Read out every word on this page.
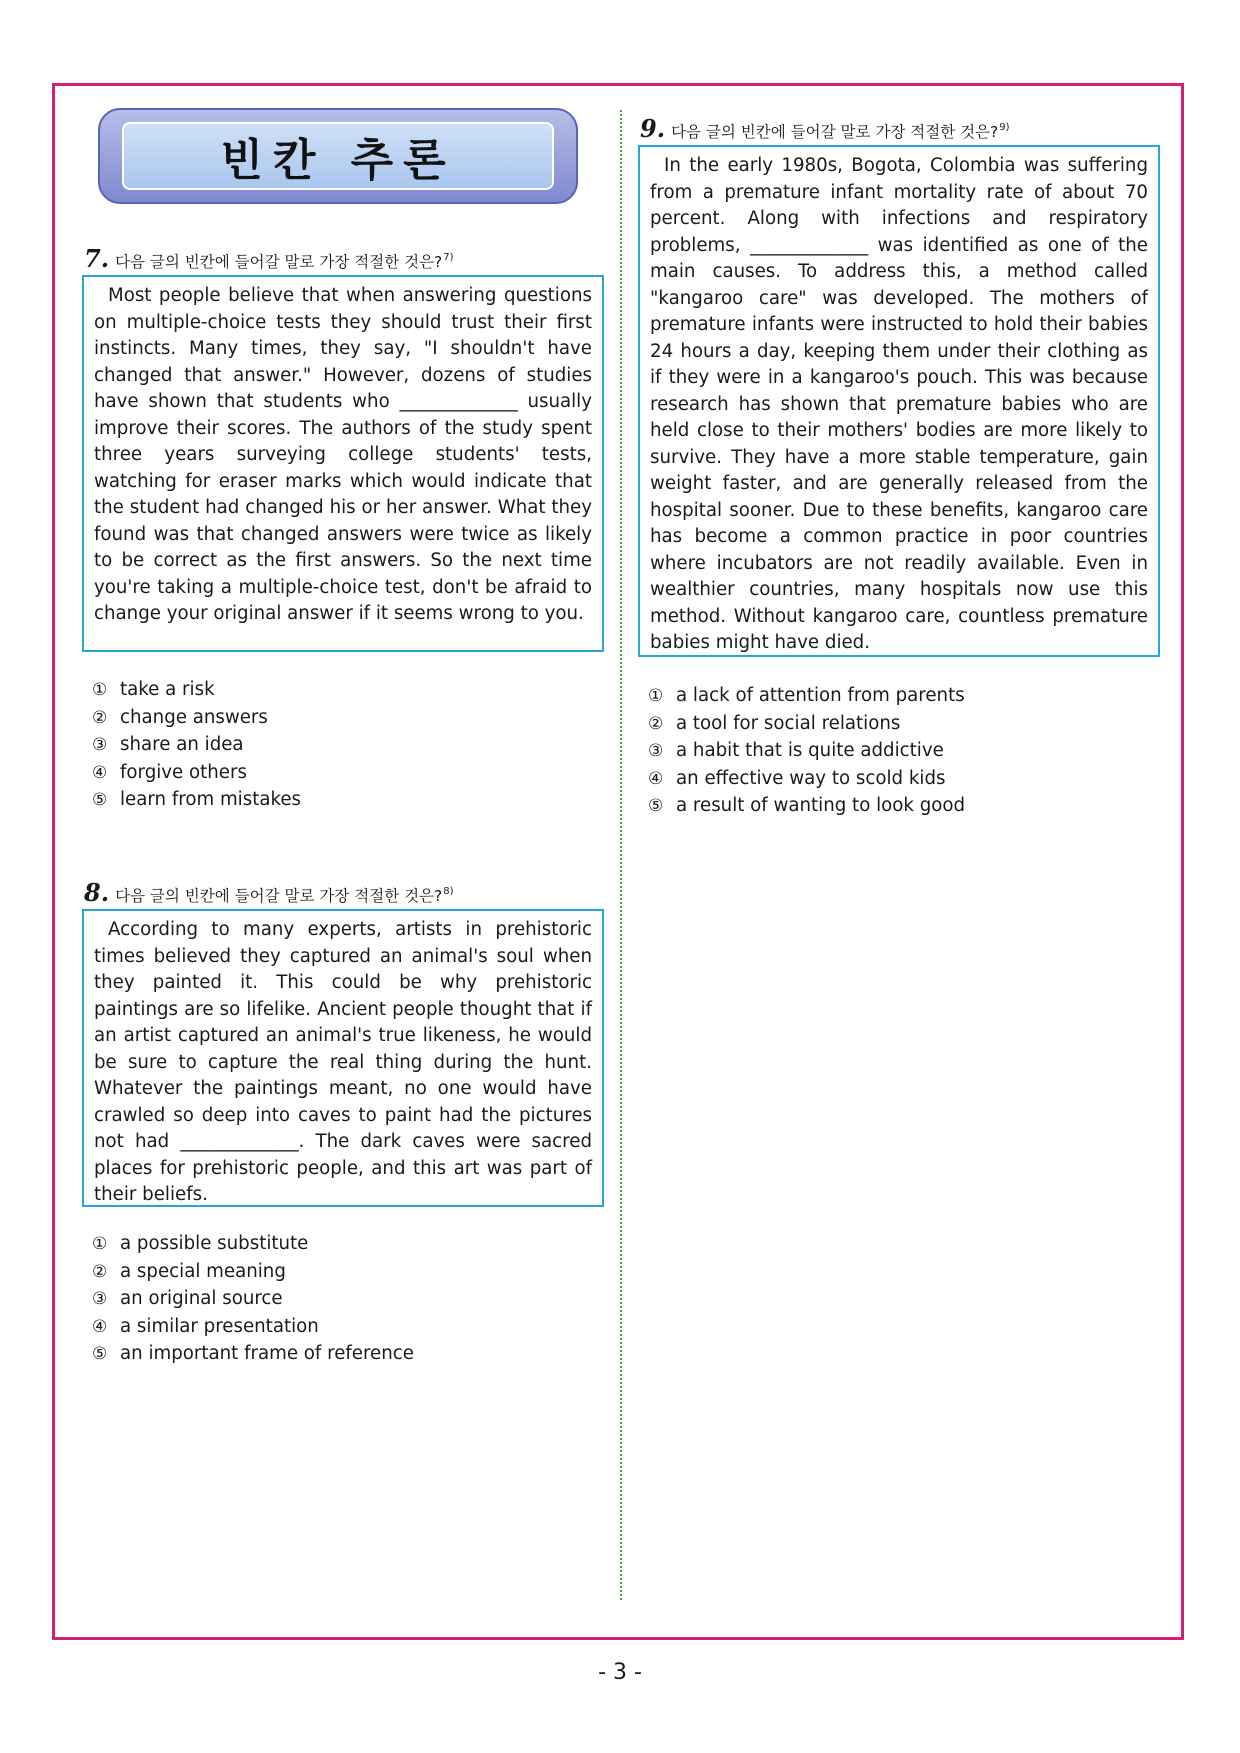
빈칸 추론
7. 다음 글의 빈칸에 들어갈 말로 가장 적절한 것은?$^{7)}$
Most people believe that when answering questions on multiple-choice tests they should trust their first instincts. Many times, they say, "I shouldn't have changed that answer." However, dozens of studies have shown that students who _____________ usually improve their scores. The authors of the study spent three years surveying college students' tests, watching for eraser marks which would indicate that the student had changed his or her answer. What they found was that changed answers were twice as likely to be correct as the first answers. So the next time you're taking a multiple-choice test, don't be afraid to change your original answer if it seems wrong to you.
① take a risk
② change answers
③ share an idea
④ forgive others
⑤ learn from mistakes
8. 다음 글의 빈칸에 들어갈 말로 가장 적절한 것은?$^{8)}$
According to many experts, artists in prehistoric times believed they captured an animal's soul when they painted it. This could be why prehistoric paintings are so lifelike. Ancient people thought that if an artist captured an animal's true likeness, he would be sure to capture the real thing during the hunt. Whatever the paintings meant, no one would have crawled so deep into caves to paint had the pictures not had _____________. The dark caves were sacred places for prehistoric people, and this art was part of their beliefs.
① a possible substitute
② a special meaning
③ an original source
④ a similar presentation
⑤ an important frame of reference
9. 다음 글의 빈칸에 들어갈 말로 가장 적절한 것은?$^{9)}$
In the early 1980s, Bogota, Colombia was suffering from a premature infant mortality rate of about 70 percent. Along with infections and respiratory problems, _____________ was identified as one of the main causes. To address this, a method called "kangaroo care" was developed. The mothers of premature infants were instructed to hold their babies 24 hours a day, keeping them under their clothing as if they were in a kangaroo's pouch. This was because research has shown that premature babies who are held close to their mothers' bodies are more likely to survive. They have a more stable temperature, gain weight faster, and are generally released from the hospital sooner. Due to these benefits, kangaroo care has become a common practice in poor countries where incubators are not readily available. Even in wealthier countries, many hospitals now use this method. Without kangaroo care, countless premature babies might have died.
① a lack of attention from parents
② a tool for social relations
③ a habit that is quite addictive
④ an effective way to scold kids
⑤ a result of wanting to look good
- 3 -
